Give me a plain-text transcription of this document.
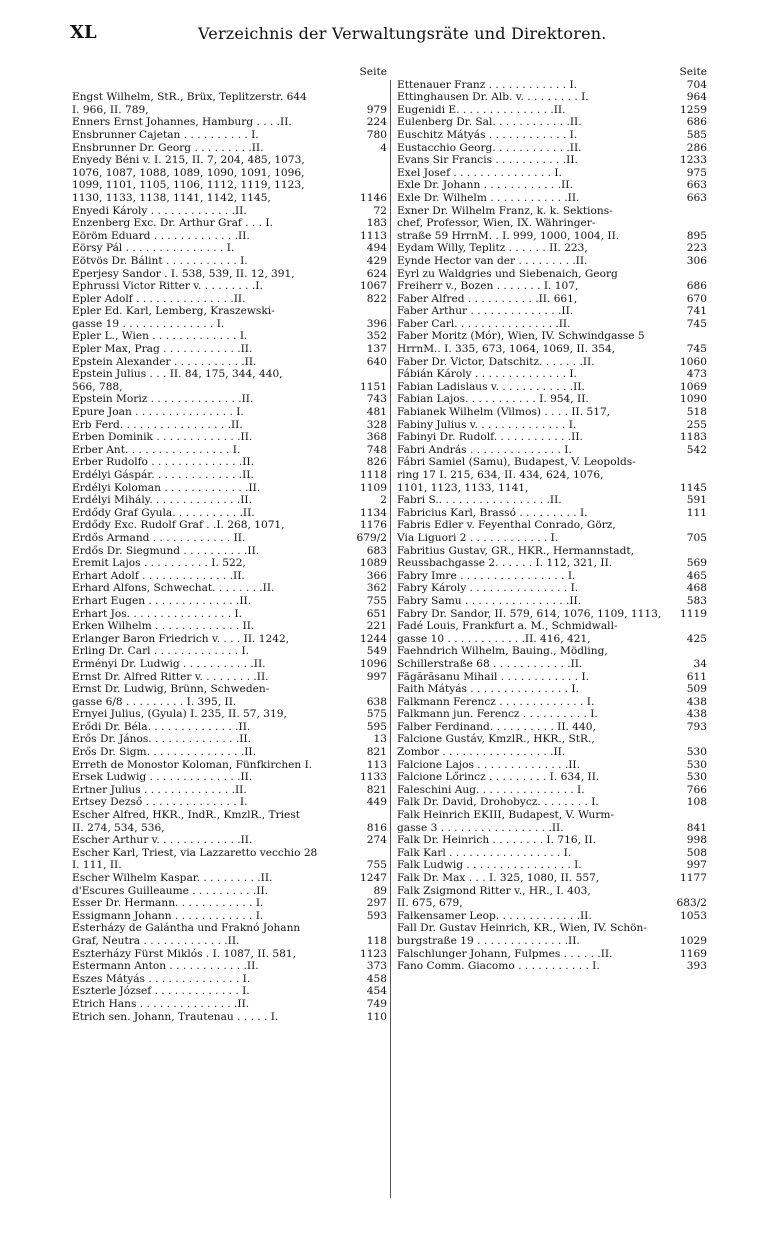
XL	Verzeichnis der Verwaltungsräte und Direktoren.
Seite
Engst Wilhelm, StR., Brüx, Teplitzerstr. 644
I. 966, II. 789,	979
Enners Ernst Johannes, Hamburg . . . .II.	224
Ensbrunner Cajetan . . . . . . . . . . I.	780
Ensbrunner Dr. Georg . . . . . . . . .II.	4
Enyedy Béni v. I. 215, II. 7, 204, 485, 1073,
1076, 1087, 1088, 1089, 1090, 1091, 1096,
1099, 1101, 1105, 1106, 1112, 1119, 1123,
1130, 1133, 1138, 1141, 1142, 1145,	1146
Enyedi Károly . . . . . . . . . . . . .II.	72
Enzenberg Exc. Dr. Arthur Graf . . . I.	183
Eöröm Eduard . . . . . . . . . . . . .II.	1113
Eörsy Pál . . . . . . . . . . . . . . . I.	494
Eötvös Dr. Bálint . . . . . . . . . . . I.	429
Eperjesy Sandor . I. 538, 539, II. 12, 391,	624
Ephrussi Victor Ritter v. . . . . . . . .I.	1067
Epler Adolf . . . . . . . . . . . . . . .II.	822
Epler Ed. Karl, Lemberg, Kraszewski-
gasse 19 . . . . . . . . . . . . . . I.	396
Epler L., Wien . . . . . . . . . . . . . I.	352
Epler Max, Prag . . . . . . . . . . . .II.	137
Epstein Alexander . . . . . . . . . . .II.	640
Epstein Julius . . . II. 84, 175, 344, 440,
566, 788,	1151
Epstein Moriz . . . . . . . . . . . . . .II.	743
Epure Joan . . . . . . . . . . . . . . . I.	481
Erb Ferd. . . . . . . . . . . . . . . . .II.	328
Erben Dominik . . . . . . . . . . . . .II.	368
Erber Ant. . . . . . . . . . . . . . . . I.	748
Erber Rudolfo . . . . . . . . . . . . . .II.	826
Erdélyi Gáspár. . . . . . . . . . . . . .II.	1118
Erdélyi Koloman . . . . . . . . . . . . .II.	1109
Erdélyi Mihály. . . . . . . . . . . . . .II.	2
Erdődy Graf Gyula. . . . . . . . . . .II.	1134
Erdődy Exc. Rudolf Graf . .I. 268, 1071,	1176
Erdős Armand . . . . . . . . . . . . II.	679/2
Erdős Dr. Siegmund . . . . . . . . . .II.	683
Eremit Lajos . . . . . . . . . . I. 522,	1089
Erhart Adolf . . . . . . . . . . . . . .II.	366
Erhard Alfons, Schwechat. . . . . . . .II.	362
Erhart Eugen . . . . . . . . . . . . . .II.	755
Erhart Jos. . . . . . . . . . . . . . . . I.	651
Erken Wilhelm . . . . . . . . . . . . . II.	221
Erlanger Baron Friedrich v. . . . II. 1242,	1244
Erling Dr. Carl . . . . . . . . . . . . . I.	549
Erményi Dr. Ludwig . . . . . . . . . . .II.	1096
Ernst Dr. Alfred Ritter v. . . . . . . . .II.	997
Ernst Dr. Ludwig, Brünn, Schweden-
gasse 6/8 . . . . . . . . . I. 395, II.	638
Ernyei Julius, (Gyula) I. 235, II. 57, 319,	575
Erődi Dr. Béla. . . . . . . . . . . . . .II.	595
Erős Dr. János. . . . . . . . . . . . . .II.	13
Erős Dr. Sigm. . . . . . . . . . . . . . .II.	821
Erreth de Monostor Koloman, Fünfkirchen I.	113
Ersek Ludwig . . . . . . . . . . . . . .II.	1133
Ertner Julius . . . . . . . . . . . . . .II.	821
Ertsey Dezső . . . . . . . . . . . . . . I.	449
Escher Alfred, HKR., IndR., KmzlR., Triest
II. 274, 534, 536,	816
Escher Arthur v. . . . . . . . . . . . .II.	274
Escher Karl, Triest, via Lazzaretto vecchio 28
I. 111, II.	755
Escher Wilhelm Kaspar. . . . . . . . . .II.	1247
d'Escures Guilleaume . . . . . . . . . .II.	89
Esser Dr. Hermann. . . . . . . . . . . . I.	297
Essigmann Johann . . . . . . . . . . . . I.	593
Esterházy de Galántha und Fraknó Johann
Graf, Neutra . . . . . . . . . . . . .II.	118
Eszterházy Fürst Miklós . I. 1087, II. 581,	1123
Estermann Anton . . . . . . . . . . . .II.	373
Eszes Mátyás . . . . . . . . . . . . . . I.	458
Eszterle József . . . . . . . . . . . . . I.	454
Etrich Hans . . . . . . . . . . . . . . .II.	749
Etrich sen. Johann, Trautenau . . . . . I.	110
Seite
Ettenauer Franz . . . . . . . . . . . . I.	704
Ettinghausen Dr. Alb. v. . . . . . . . . I.	964
Eugenidi E. . . . . . . . . . . . . . .II.	1259
Eulenberg Dr. Sal. . . . . . . . . . . .II.	686
Euschitz Mátyás . . . . . . . . . . . . I.	585
Eustacchio Georg. . . . . . . . . . . .II.	286
Evans Sir Francis . . . . . . . . . . .II.	1233
Exel Josef . . . . . . . . . . . . . . . I.	975
Exle Dr. Johann . . . . . . . . . . . .II.	663
Exle Dr. Wilhelm . . . . . . . . . . . .II.	663
Exner Dr. Wilhelm Franz, k. k. Sektions-
chef, Professor, Wien, IX. Währinger-
straße 59 HrrnM. . I. 999, 1000, 1004, II.	895
Eydam Willy, Teplitz . . . . . . II. 223,	223
Eynde Hector van der . . . . . . . . .II.	306
Eyrl zu Waldgries und Siebenaich, Georg
Freiherr v., Bozen . . . . . . . I. 107,	686
Faber Alfred . . . . . . . . . . .II. 661,	670
Faber Arthur . . . . . . . . . . . . . .II.	741
Faber Carl. . . . . . . . . . . . . . . .II.	745
Faber Moritz (Mór), Wien, IV. Schwindgasse 5
HrrnM.. I. 335, 673, 1064, 1069, II. 354,	745
Faber Dr. Victor, Datschitz. . . . . . .II.	1060
Fábián Károly . . . . . . . . . . . . . . I.	473
Fabian Ladislaus v. . . . . . . . . . . .II.	1069
Fabian Lajos. . . . . . . . . . . I. 954, II.	1090
Fabianek Wilhelm (Vilmos) . . . . II. 517,	518
Fabiny Julius v. . . . . . . . . . . . . . I.	255
Fabinyi Dr. Rudolf. . . . . . . . . . . .II.	1183
Fabri András . . . . . . . . . . . . . . I.	542
Fábri Samiel (Samu), Budapest, V. Leopolds-
ring 17 I. 215, 634, II. 434, 624, 1076,
1101, 1123, 1133, 1141,	1145
Fabri S.. . . . . . . . . . . . . . . . .II.	591
Fabricius Karl, Brassó . . . . . . . . . I.	111
Fabris Edler v. Feyenthal Conrado, Görz,
Via Liguori 2 . . . . . . . . . . . . I.	705
Fabritius Gustav, GR., HKR., Hermannstadt,
Reussbachgasse 2. . . . . . I. 112, 321, II.	569
Fabry Imre . . . . . . . . . . . . . . . . I.	465
Fabry Károly . . . . . . . . . . . . . . . I.	468
Fabry Samu . . . . . . . . . . . . . . . .II.	583
Fabry Dr. Sandor, II. 579, 614, 1076, 1109, 1113,	1119
Fadé Louis, Frankfurt a. M., Schmidwall-
gasse 10 . . . . . . . . . . . .II. 416, 421,	425
Faehndrich Wilhelm, Bauing., Mödling,
Schillerstraße 68 . . . . . . . . . . . .II.	34
Făgărăsanu Mihail . . . . . . . . . . . . I.	611
Faith Mátyás . . . . . . . . . . . . . . . I.	509
Falkmann Ferencz . . . . . . . . . . . . . I.	438
Falkmann jun. Ferencz . . . . . . . . . . I.	438
Falber Ferdinand. . . . . . . . . . II. 440,	793
Falcione Gustáv, KmzlR., HKR., StR.,
Zombor . . . . . . . . . . . . . . . . .II.	530
Falcione Lajos . . . . . . . . . . . . . .II.	530
Falcione Lőrincz . . . . . . . . . I. 634, II.	530
Faleschini Aug. . . . . . . . . . . . . . . I.	766
Falk Dr. David, Drohobycz. . . . . . . . I.	108
Falk Heinrich EKIII, Budapest, V. Wurm-
gasse 3 . . . . . . . . . . . . . . . . .II.	841
Falk Dr. Heinrich . . . . . . . . I. 716, II.	998
Falk Karl . . . . . . . . . . . . . . . . . I.	508
Falk Ludwig . . . . . . . . . . . . . . . . I.	997
Falk Dr. Max . . . I. 325, 1080, II. 557,	1177
Falk Zsigmond Ritter v., HR., I. 403,
II. 675, 679,	683/2
Falkensamer Leop. . . . . . . . . . . . .II.	1053
Fall Dr. Gustav Heinrich, KR., Wien, IV. Schön-
burgstraße 19 . . . . . . . . . . . . . .II.	1029
Falschlunger Johann, Fulpmes . . . . . .II.	1169
Fano Comm. Giacomo . . . . . . . . . . . I.	393
